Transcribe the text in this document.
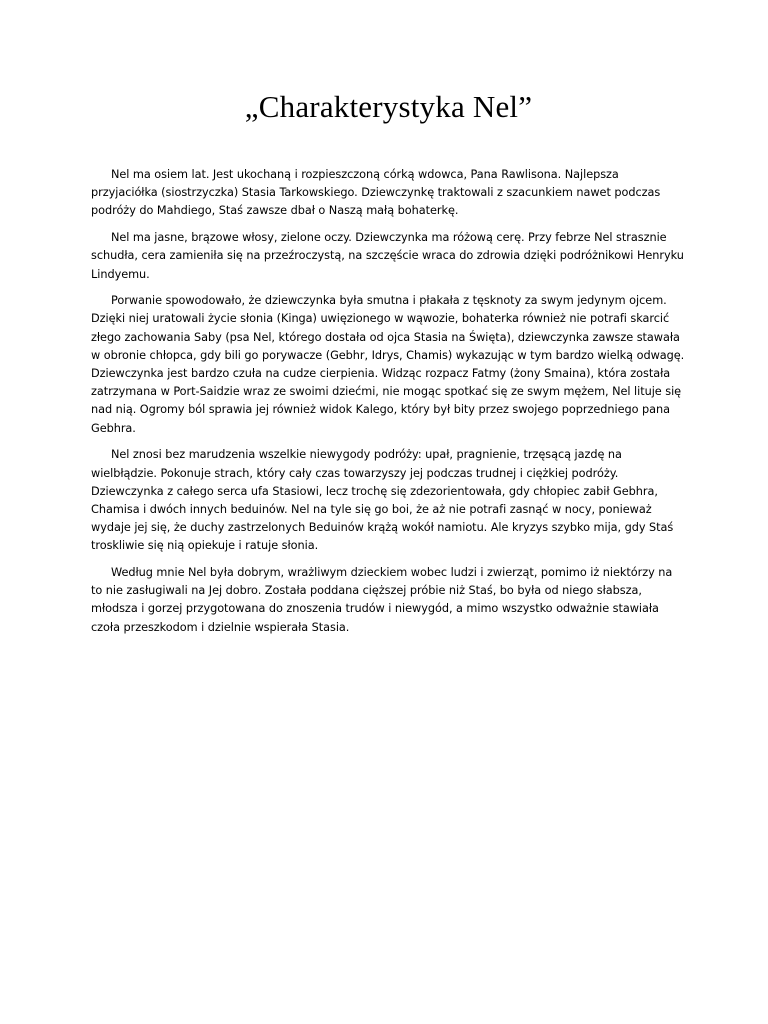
„Charakterystyka Nel”

Nel ma osiem lat. Jest ukochaną i rozpieszczoną córką wdowca, Pana Rawlisona. Najlepsza przyjaciółka (siostrzyczka) Stasia Tarkowskiego. Dziewczynkę traktowali z szacunkiem nawet podczas podróży do Mahdiego, Staś zawsze dbał o Naszą małą bohaterkę.

Nel ma jasne, brązowe włosy, zielone oczy. Dziewczynka ma różową cerę. Przy febrze Nel strasznie schudła, cera zamieniła się na przeźroczystą, na szczęście wraca do zdrowia dzięki podróżnikowi Henryku Lindyemu.

Porwanie spowodowało, że dziewczynka była smutna i płakała z tęsknoty za swym jedynym ojcem. Dzięki niej uratowali życie słonia (Kinga) uwięzionego w wąwozie, bohaterka również nie potrafi skarcić złego zachowania Saby (psa Nel, którego dostała od ojca Stasia na Święta), dziewczynka zawsze stawała w obronie chłopca, gdy bili go porywacze (Gebhr, Idrys, Chamis) wykazując w tym bardzo wielką odwagę. Dziewczynka jest bardzo czuła na cudze cierpienia. Widząc rozpacz Fatmy (żony Smaina), która została zatrzymana w Port-Saidzie wraz ze swoimi dziećmi, nie mogąc spotkać się ze swym mężem, Nel lituje się nad nią. Ogromy ból sprawia jej również widok Kalego, który był bity przez swojego poprzedniego pana Gebhra.

Nel znosi bez marudzenia wszelkie niewygody podróży: upał, pragnienie, trzęsącą jazdę na wielbłądzie. Pokonuje strach, który cały czas towarzyszy jej podczas trudnej i ciężkiej podróży. Dziewczynka z całego serca ufa Stasiowi, lecz trochę się zdezorientowała, gdy chłopiec zabił Gebhra, Chamisa i dwóch innych beduinów. Nel na tyle się go boi, że aż nie potrafi zasnąć w nocy, ponieważ wydaje jej się, że duchy zastrzelonych Beduinów krążą wokół namiotu. Ale kryzys szybko mija, gdy Staś troskliwie się nią opiekuje i ratuje słonia.

Według mnie Nel była dobrym, wrażliwym dzieckiem wobec ludzi i zwierząt, pomimo iż niektórzy na to nie zasługiwali na Jej dobro. Została poddana cięższej próbie niż Staś, bo była od niego słabsza, młodsza i gorzej przygotowana do znoszenia trudów i niewygód, a mimo wszystko odważnie stawiała czoła przeszkodom i dzielnie wspierała Stasia.
